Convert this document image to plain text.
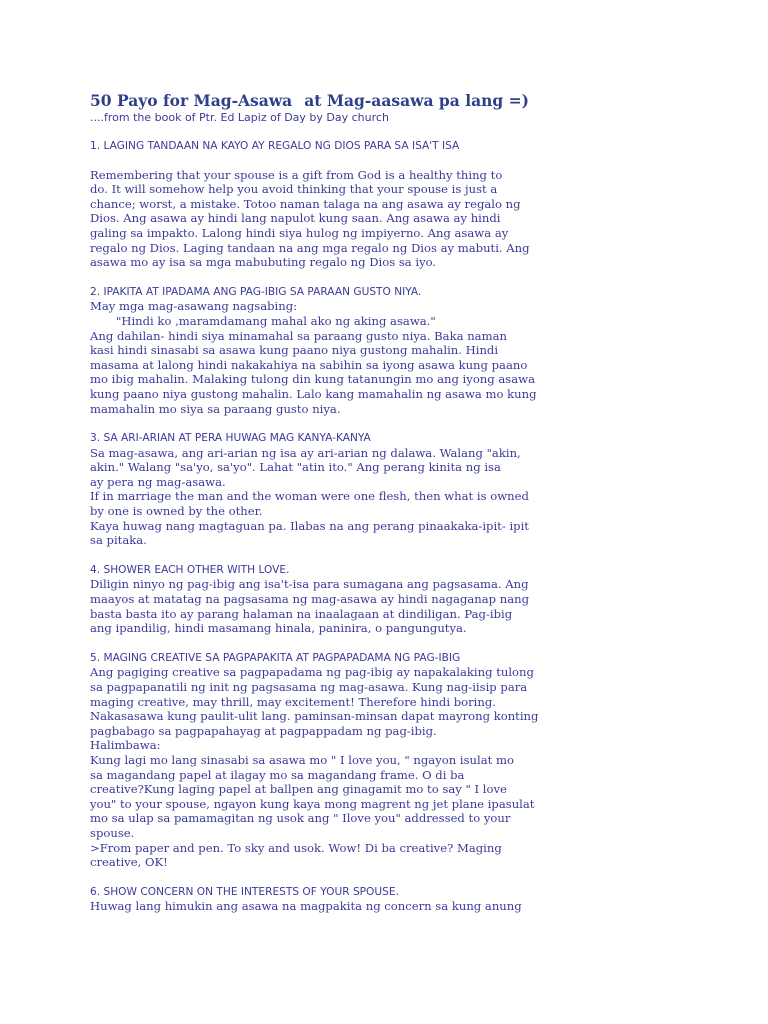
50 Payo for Mag-Asawa at Mag-aasawa pa lang =)

....from the book of Ptr. Ed Lapiz of Day by Day church

1. LAGING TANDAAN NA KAYO AY REGALO NG DIOS PARA SA ISA'T ISA

Remembering that your spouse is a gift from God is a healthy thing to
do. It will somehow help you avoid thinking that your spouse is just a
chance; worst, a mistake. Totoo naman talaga na ang asawa ay regalo ng
Dios. Ang asawa ay hindi lang napulot kung saan. Ang asawa ay hindi
galing sa impakto. Lalong hindi siya hulog ng impiyerno. Ang asawa ay
regalo ng Dios. Laging tandaan na ang mga regalo ng Dios ay mabuti. Ang
asawa mo ay isa sa mga mabubuting regalo ng Dios sa iyo.

2. IPAKITA AT IPADAMA ANG PAG-IBIG SA PARAAN GUSTO NIYA.

May mga mag-asawang nagsabing:
"Hindi ko ,maramdamang mahal ako ng aking asawa."
Ang dahilan- hindi siya minamahal sa paraang gusto niya. Baka naman
kasi hindi sinasabi sa asawa kung paano niya gustong mahalin. Hindi
masama at lalong hindi nakakahiya na sabihin sa iyong asawa kung paano
mo ibig mahalin. Malaking tulong din kung tatanungin mo ang iyong asawa
kung paano niya gustong mahalin. Lalo kang mamahalin ng asawa mo kung
mamahalin mo siya sa paraang gusto niya.

3. SA ARI-ARIAN AT PERA HUWAG MAG KANYA-KANYA

Sa mag-asawa, ang ari-arian ng isa ay ari-arian ng dalawa. Walang "akin,
akin." Walang "sa'yo, sa'yo". Lahat "atin ito." Ang perang kinita ng isa
ay pera ng mag-asawa.
If in marriage the man and the woman were one flesh, then what is owned
by one is owned by the other.
Kaya huwag nang magtaguan pa. Ilabas na ang perang pinaakaka-ipit- ipit
sa pitaka.

4. SHOWER EACH OTHER WITH LOVE.

Diligin ninyo ng pag-ibig ang isa't-isa para sumagana ang pagsasama. Ang
maayos at matatag na pagsasama ng mag-asawa ay hindi nagaganap nang
basta basta ito ay parang halaman na inaalagaan at dindiligan. Pag-ibig
ang ipandilig, hindi masamang hinala, paninira, o pangungutya.

5. MAGING CREATIVE SA PAGPAPAKITA AT PAGPAPADAMA NG PAG-IBIG

Ang pagiging creative sa pagpapadama ng pag-ibig ay napakalaking tulong
sa pagpapanatili ng init ng pagsasama ng mag-asawa. Kung nag-iisip para
maging creative, may thrill, may excitement! Therefore hindi boring.
Nakasasawa kung paulit-ulit lang. paminsan-minsan dapat mayrong konting
pagbabago sa pagpapahayag at pagpappadam ng pag-ibig.
Halimbawa:
Kung lagi mo lang sinasabi sa asawa mo " I love you, " ngayon isulat mo
sa magandang papel at ilagay mo sa magandang frame. O di ba
creative?Kung laging papel at ballpen ang ginagamit mo to say " I love
you" to your spouse, ngayon kung kaya mong magrent ng jet plane ipasulat
mo sa ulap sa pamamagitan ng usok ang " Ilove you" addressed to your
spouse.
>From paper and pen. To sky and usok. Wow! Di ba creative? Maging
creative, OK!

6. SHOW CONCERN ON THE INTERESTS OF YOUR SPOUSE.

Huwag lang himukin ang asawa na magpakita ng concern sa kung anung
